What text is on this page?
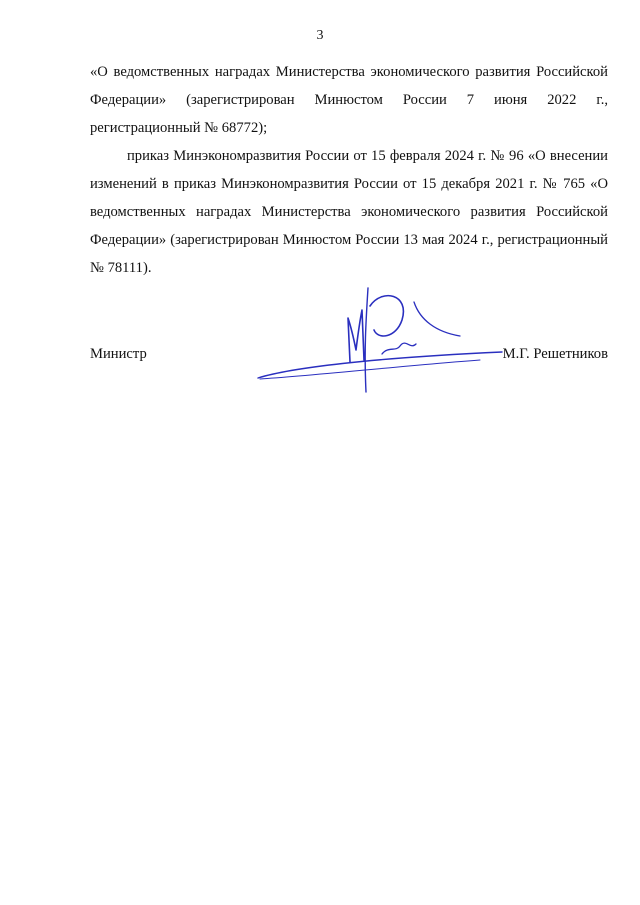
3

«О ведомственных наградах Министерства экономического развития Российской Федерации» (зарегистрирован Минюстом России 7 июня 2022 г., регистрационный № 68772);

приказ Минэкономразвития России от 15 февраля 2024 г. № 96 «О внесении изменений в приказ Минэкономразвития России от 15 декабря 2021 г. № 765 «О ведомственных наградах Министерства экономического развития Российской Федерации» (зарегистрирован Минюстом России 13 мая 2024 г., регистрационный № 78111).

Министр	М.Г. Решетников
